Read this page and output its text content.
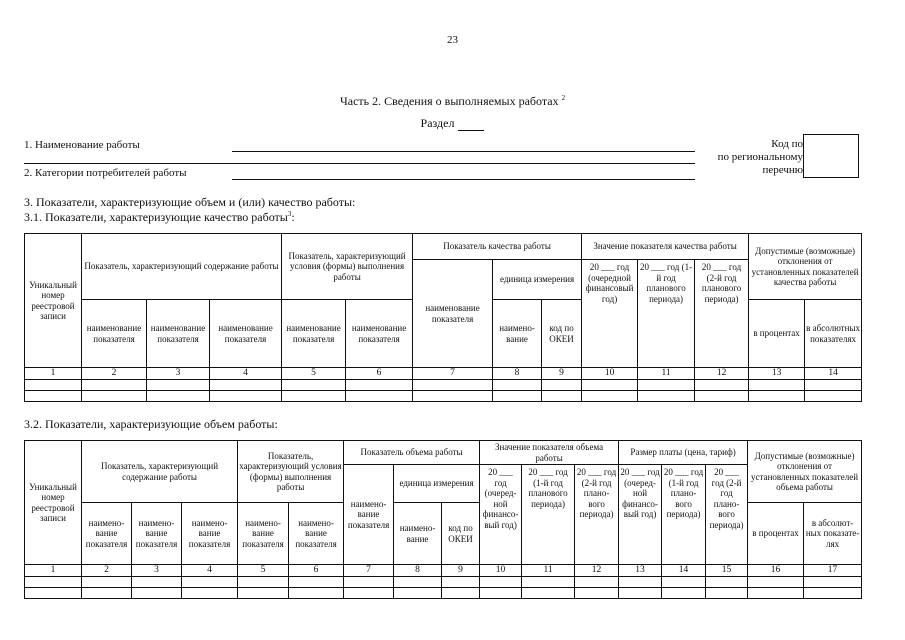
23
Часть 2. Сведения о выполняемых работах $^2$
Раздел
1. Наименование работы
2. Категории потребителей работы
Код по
по региональному
перечню
3. Показатели, характеризующие объем и (или) качество работы:
3.1. Показатели, характеризующие качество работы$^3$:
Уникальный номер реестровой записи	Показатель, характеризующий содержание работы			Показатель, характеризующий условия (формы) выполнения работы		Показатель качества работы			Значение показателя качества работы			Допустимые (возможные) отклонения от установленных показателей качества работы	
						наименование показателя	единица измерения		20 ___ год (очередной финансовый год)	20 ___ год (1-й год планового периода)	20 ___ год (2-й год планового периода)		
	наименование показателя	наименование показателя	наименование показателя	наименование показателя	наименование показателя		наимено-вание	код по ОКЕИ				в процентах	в абсолютных показателях
1	2	3	4	5	6	7	8	9	10	11	12	13	14

3.2. Показатели, характеризующие объем работы:
Уникальный номер реестровой записи	Показатель, характеризующий содержание работы			Показатель, характеризующий условия (формы) выполнения работы		Показатель объема работы			Значение показателя объема работы			Размер платы (цена, тариф)			Допустимые (возможные) отклонения от установленных показателей объема работы	
						наимено-вание показателя	единица измерения		20 ___ год (очеред-ной финансо-вый год)	20 ___ год (1-й год планового периода)	20 ___ год (2-й год плано-вого периода)	20 ___ год (очеред-ной финансо-вый год)	20 ___ год (1-й год плано-вого периода)	20 ___ год (2-й год плано-вого периода)		
	наимено-вание показателя	наимено-вание показателя	наимено-вание показателя	наимено-вание показателя	наимено-вание показателя		наимено-вание	код по ОКЕИ							в процентах	в абсолют-ных показате-лях
1	2	3	4	5	6	7	8	9	10	11	12	13	14	15	16	17
